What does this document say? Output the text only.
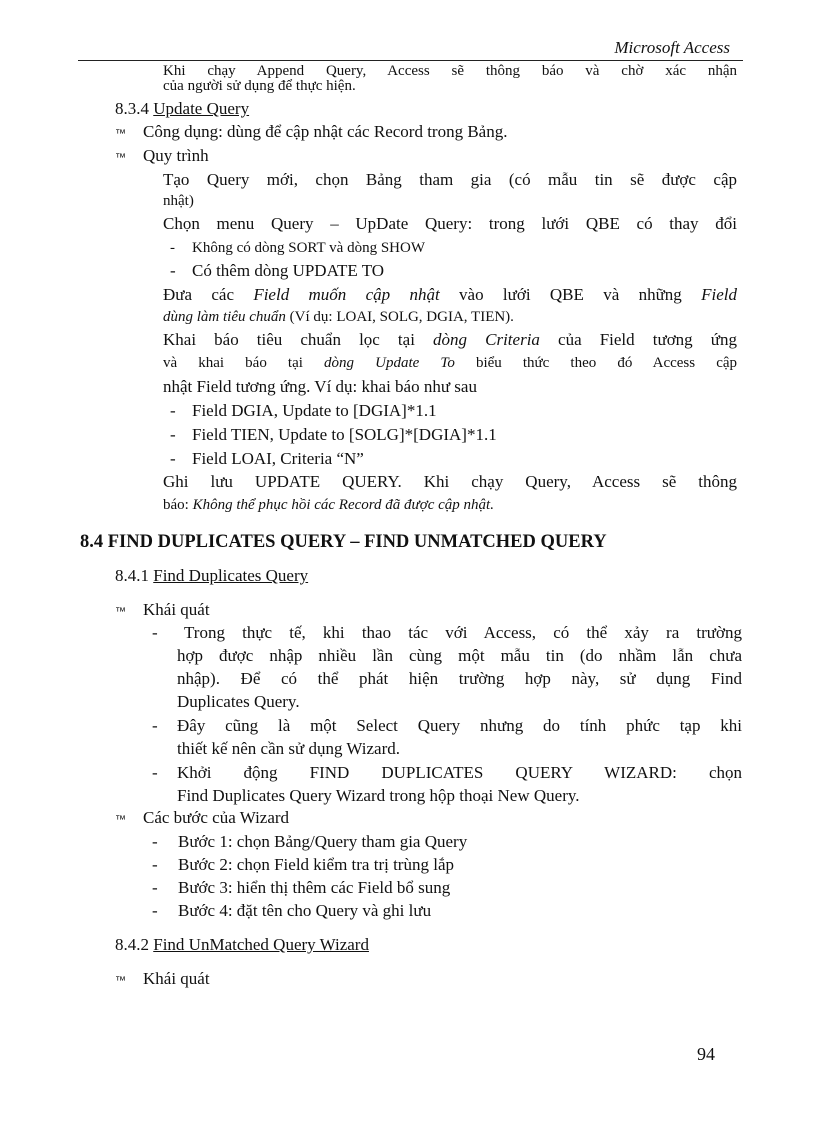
Microsoft Access
Khi chạy Append Query, Access sẽ thông báo và chờ xác nhận
của người sử dụng để thực hiện.
8.3.4 Update Query
™ Công dụng: dùng để cập nhật các Record trong Bảng.
™ Quy trình
Tạo Query mới, chọn Bảng tham gia (có mẫu tin sẽ được cập
nhật)
Chọn menu Query – UpDate Query: trong lưới QBE có thay đổi
- Không có dòng SORT và dòng SHOW
- Có thêm dòng UPDATE TO
Đưa các Field muốn cập nhật vào lưới QBE và những Field
dùng làm tiêu chuẩn (Ví dụ: LOAI, SOLG, DGIA, TIEN).
Khai báo tiêu chuẩn lọc tại dòng Criteria của Field tương ứng
và khai báo tại dòng Update To biểu thức theo đó Access cập
nhật Field tương ứng. Ví dụ: khai báo như sau
- Field DGIA, Update to [DGIA]*1.1
- Field TIEN, Update to [SOLG]*[DGIA]*1.1
- Field LOAI, Criteria “N”
Ghi lưu UPDATE QUERY. Khi chạy Query, Access sẽ thông
báo: Không thể phục hồi các Record đã được cập nhật.
8.4 FIND DUPLICATES QUERY – FIND UNMATCHED QUERY
8.4.1 Find Duplicates Query
™ Khái quát
- Trong thực tế, khi thao tác với Access, có thể xảy ra trường
hợp được nhập nhiều lần cùng một mẫu tin (do nhầm lẫn chưa
nhập). Để có thể phát hiện trường hợp này, sử dụng Find
Duplicates Query.
- Đây cũng là một Select Query nhưng do tính phức tạp khi
thiết kế nên cần sử dụng Wizard.
- Khởi động FIND DUPLICATES QUERY WIZARD: chọn
Find Duplicates Query Wizard trong hộp thoại New Query.
™ Các bước của Wizard
- Bước 1: chọn Bảng/Query tham gia Query
- Bước 2: chọn Field kiểm tra trị trùng lắp
- Bước 3: hiển thị thêm các Field bổ sung
- Bước 4: đặt tên cho Query và ghi lưu
8.4.2 Find UnMatched Query Wizard
™ Khái quát
94
